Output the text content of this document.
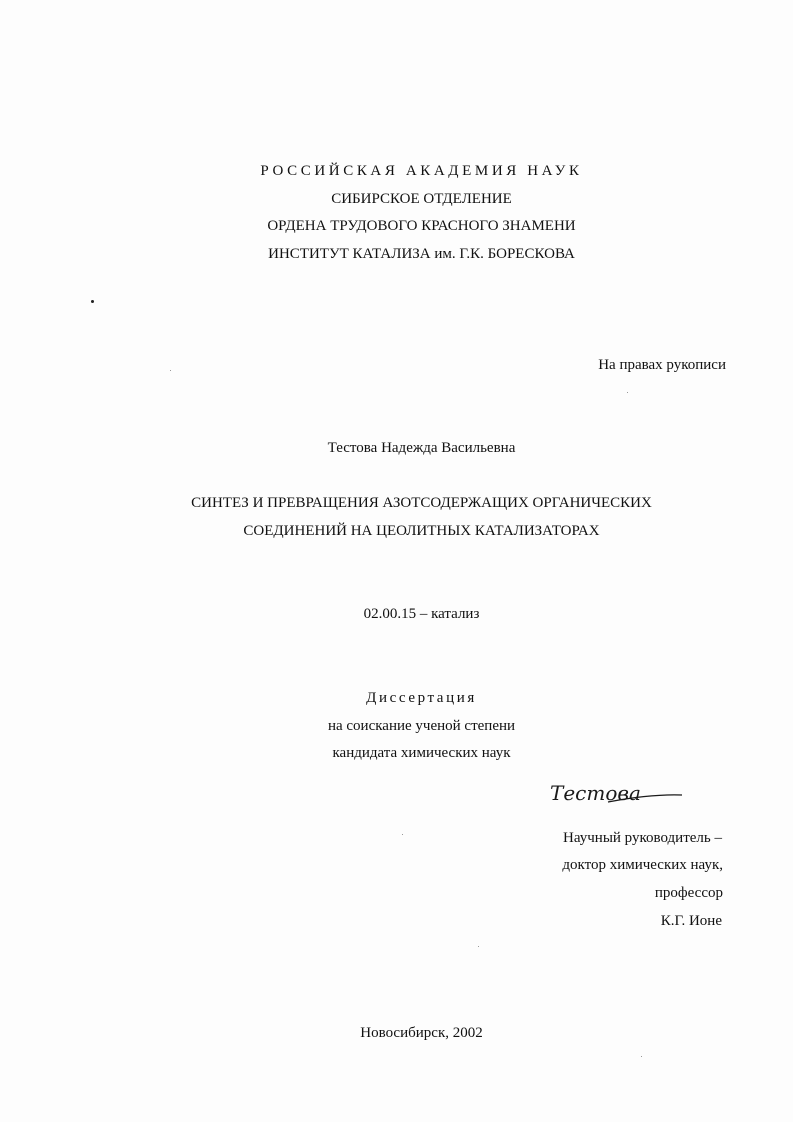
РОССИЙСКАЯ АКАДЕМИЯ НАУК
СИБИРСКОЕ ОТДЕЛЕНИЕ
ОРДЕНА ТРУДОВОГО КРАСНОГО ЗНАМЕНИ
ИНСТИТУТ КАТАЛИЗА им. Г.К. БОРЕСКОВА
На правах рукописи
Тестова Надежда Васильевна
СИНТЕЗ И ПРЕВРАЩЕНИЯ АЗОТСОДЕРЖАЩИХ ОРГАНИЧЕСКИХ
СОЕДИНЕНИЙ НА ЦЕОЛИТНЫХ КАТАЛИЗАТОРАХ
02.00.15 – катализ
Диссертация
на соискание ученой степени
кандидата химических наук
Тестова
Научный руководитель –
доктор химических наук,
профессор
К.Г. Ионе
Новосибирск, 2002
